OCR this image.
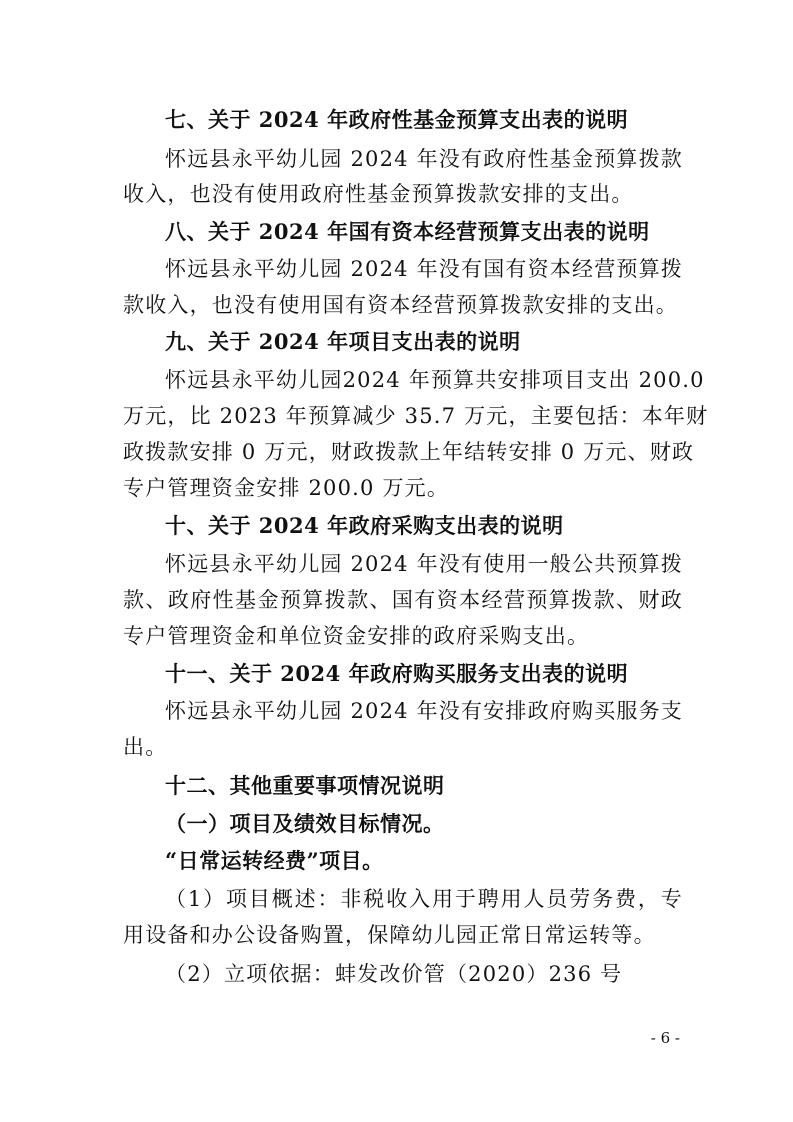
七、关于 2024 年政府性基金预算支出表的说明
怀远县永平幼儿园 2024 年没有政府性基金预算拨款
收入，也没有使用政府性基金预算拨款安排的支出。
八、关于 2024 年国有资本经营预算支出表的说明
怀远县永平幼儿园 2024 年没有国有资本经营预算拨
款收入，也没有使用国有资本经营预算拨款安排的支出。
九、关于 2024 年项目支出表的说明
怀远县永平幼儿园2024 年预算共安排项目支出 200.0
万元，比 2023 年预算减少 35.7 万元，主要包括：本年财
政拨款安排 0 万元，财政拨款上年结转安排 0 万元、财政
专户管理资金安排 200.0 万元。
十、关于 2024 年政府采购支出表的说明
怀远县永平幼儿园 2024 年没有使用一般公共预算拨
款、政府性基金预算拨款、国有资本经营预算拨款、财政
专户管理资金和单位资金安排的政府采购支出。
十一、关于 2024 年政府购买服务支出表的说明
怀远县永平幼儿园 2024 年没有安排政府购买服务支
出。
十二、其他重要事项情况说明
（一）项目及绩效目标情况。
“日常运转经费”项目。
（1）项目概述：非税收入用于聘用人员劳务费，专
用设备和办公设备购置，保障幼儿园正常日常运转等。
（2）立项依据：蚌发改价管（2020）236 号
- 6 -
